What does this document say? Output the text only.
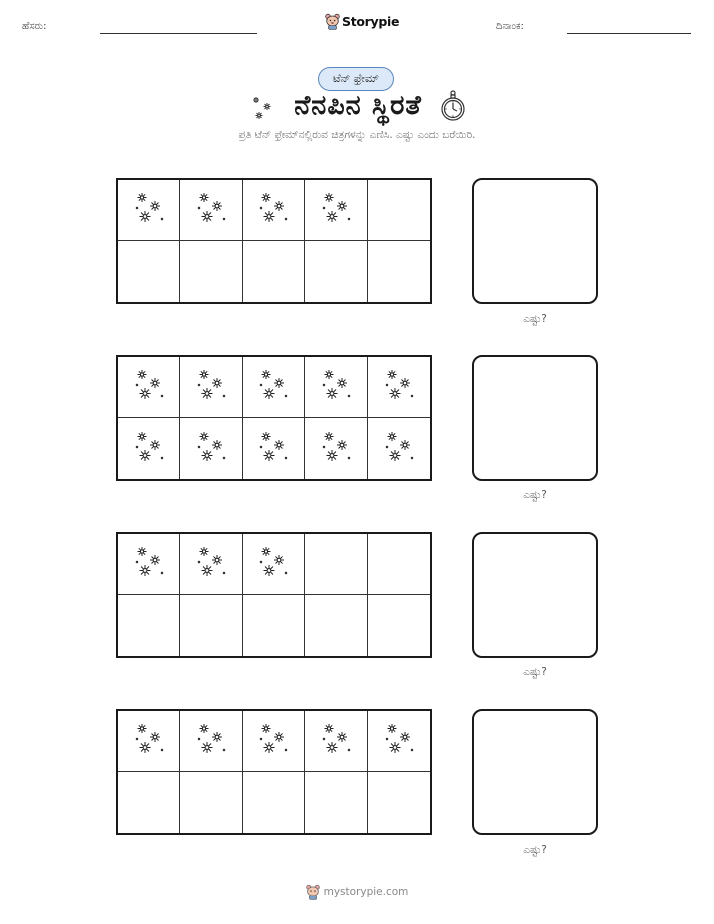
ಹೆಸರು:	Storypie	ದಿನಾಂಕ:
ಟೆನ್ ಫ್ರೇಮ್
ನೆನಪಿನ ಸ್ಥಿರತೆ
ಪ್ರತಿ ಟೆನ್ ಫ್ರೇಮ್‌ನಲ್ಲಿರುವ ಚಿತ್ರಗಳನ್ನು ಎಣಿಸಿ. ಎಷ್ಟು ಎಂದು ಬರೆಯಿರಿ.
ಎಷ್ಟು?
ಎಷ್ಟು?
ಎಷ್ಟು?
ಎಷ್ಟು?
mystorypie.com
